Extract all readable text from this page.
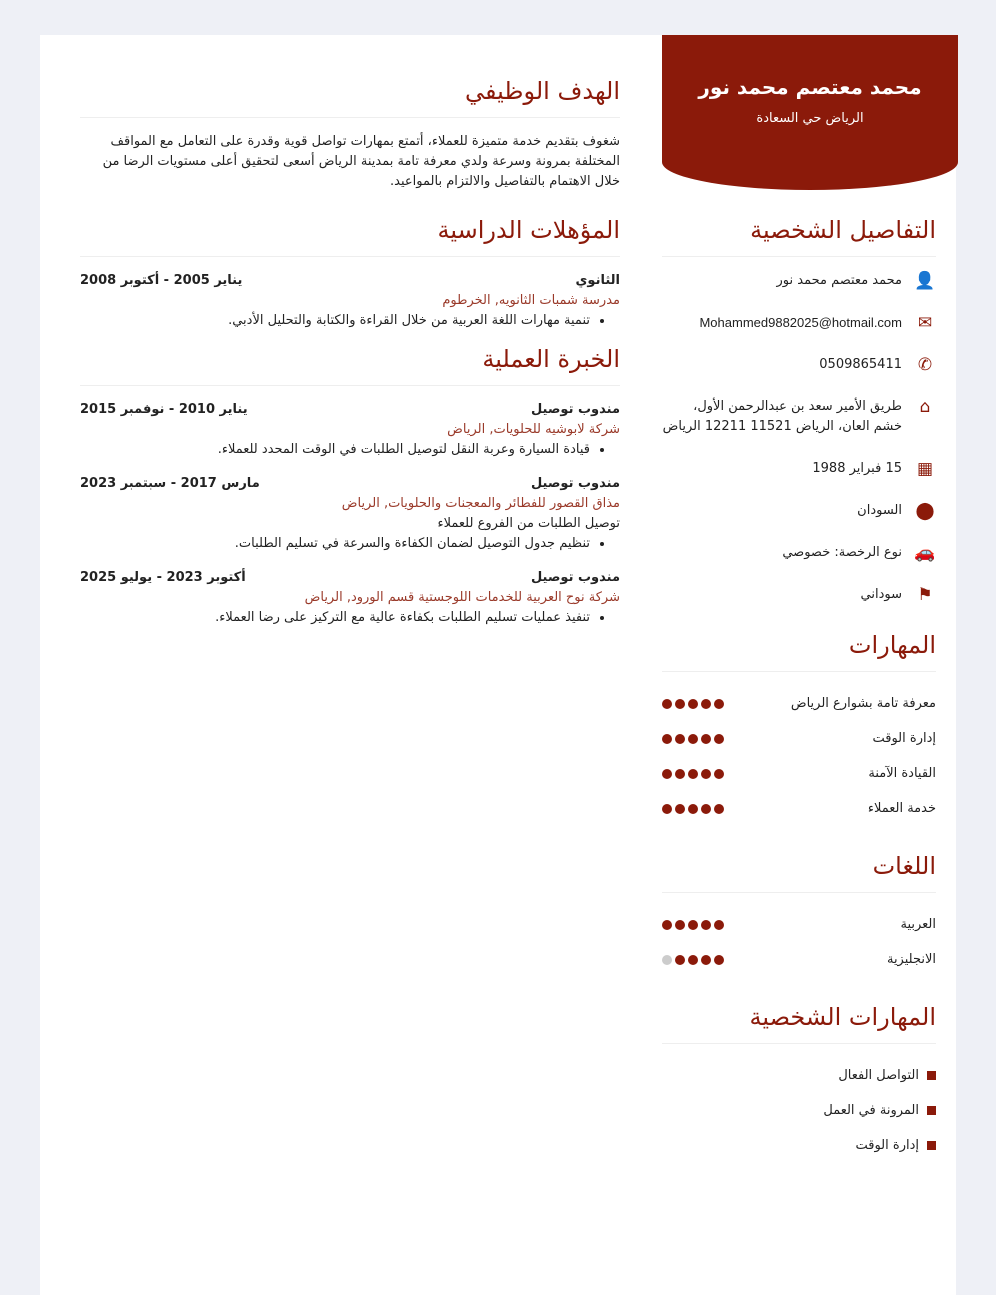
محمد معتصم محمد نور
الرياض حي السعادة
التفاصيل الشخصية
👤
محمد معتصم محمد نور
✉
Mohammed9882025@hotmail.com
✆
0509865411
⌂
طريق الأمير سعد بن عبدالرحمن الأول، خشم العان، الرياض 11521 12211 الرياض
▦
15 فبراير 1988
⬤
السودان
🚗
نوع الرخصة: خصوصي
⚑
سوداني
المهارات
معرفة تامة بشوارع الرياض
إدارة الوقت
القيادة الآمنة
خدمة العملاء
اللغات
العربية
الانجليزية
المهارات الشخصية
التواصل الفعال
المرونة في العمل
إدارة الوقت
الهدف الوظيفي

شغوف بتقديم خدمة متميزة للعملاء، أتمتع بمهارات تواصل قوية وقدرة على التعامل مع المواقف المختلفة بمرونة وسرعة ولدي معرفة تامة بمدينة الرياض أسعى لتحقيق أعلى مستويات الرضا من خلال الاهتمام بالتفاصيل والالتزام بالمواعيد.

المؤهلات الدراسية
الثانوي
يناير 2005 - أكتوبر 2008
مدرسة شمبات الثانويه, الخرطوم
• تنمية مهارات اللغة العربية من خلال القراءة والكتابة والتحليل الأدبي.
الخبرة العملية
مندوب توصيل
يناير 2010 - نوفمبر 2015
شركة لابوشيه للحلويات, الرياض
• قيادة السيارة وعربة النقل لتوصيل الطلبات في الوقت المحدد للعملاء.
مندوب توصيل
مارس 2017 - سبتمبر 2023
مذاق القصور للفطائر والمعجنات والحلويات, الرياض
توصيل الطلبات من الفروع للعملاء
• تنظيم جدول التوصيل لضمان الكفاءة والسرعة في تسليم الطلبات.
مندوب توصيل
أكتوبر 2023 - يوليو 2025
شركة نوح العربية للخدمات اللوجستية قسم الورود, الرياض
• تنفيذ عمليات تسليم الطلبات بكفاءة عالية مع التركيز على رضا العملاء.
